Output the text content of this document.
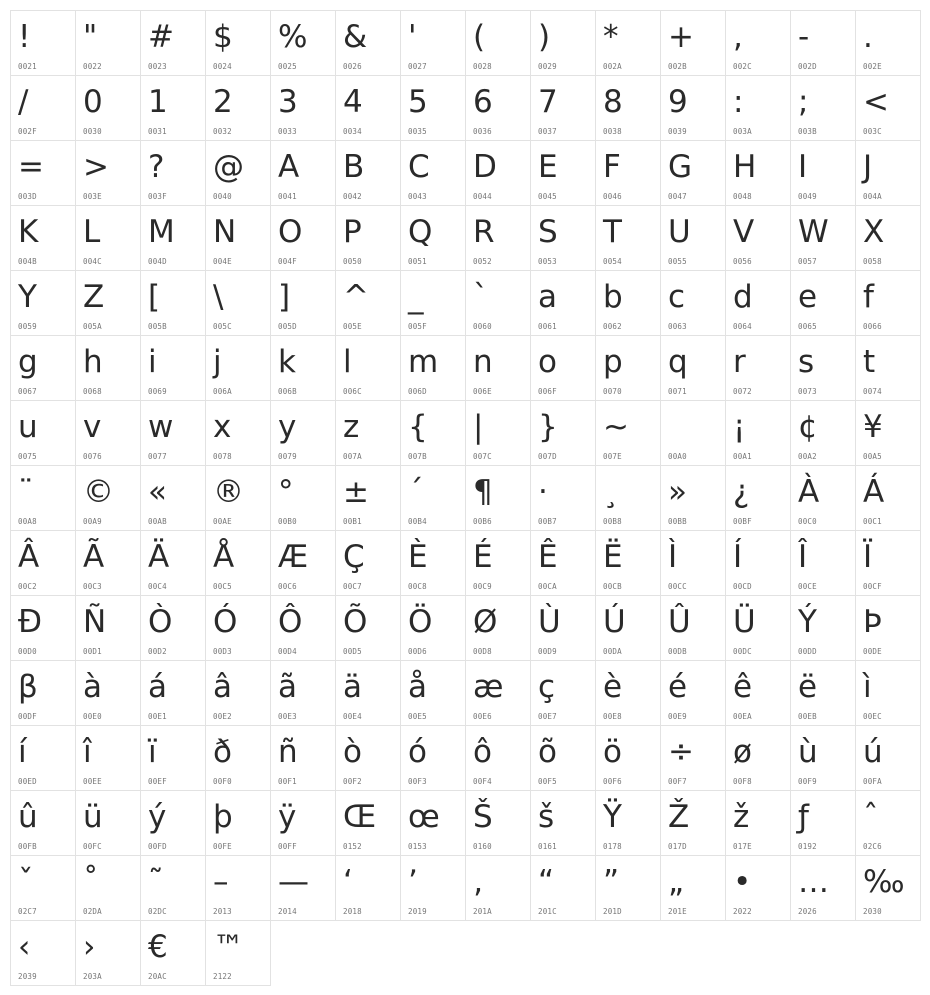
!
0021
"
0022
#
0023
$
0024
%
0025
&
0026
'
0027
(
0028
)
0029
*
002A
+
002B
,
002C
-
002D
.
002E
/
002F
0
0030
1
0031
2
0032
3
0033
4
0034
5
0035
6
0036
7
0037
8
0038
9
0039
:
003A
;
003B
<
003C
=
003D
>
003E
?
003F
@
0040
A
0041
B
0042
C
0043
D
0044
E
0045
F
0046
G
0047
H
0048
I
0049
J
004A
K
004B
L
004C
M
004D
N
004E
O
004F
P
0050
Q
0051
R
0052
S
0053
T
0054
U
0055
V
0056
W
0057
X
0058
Y
0059
Z
005A
[
005B
\
005C
]
005D
^
005E
_
005F
`
0060
a
0061
b
0062
c
0063
d
0064
e
0065
f
0066
g
0067
h
0068
i
0069
j
006A
k
006B
l
006C
m
006D
n
006E
o
006F
p
0070
q
0071
r
0072
s
0073
t
0074
u
0075
v
0076
w
0077
x
0078
y
0079
z
007A
{
007B
|
007C
}
007D
~
007E	00A0
¡
00A1
¢
00A2
¥
00A5
¨
00A8
©
00A9
«
00AB
®
00AE
°
00B0
±
00B1
´
00B4
¶
00B6
·
00B7
¸
00B8
»
00BB
¿
00BF
À
00C0
Á
00C1
Â
00C2
Ã
00C3
Ä
00C4
Å
00C5
Æ
00C6
Ç
00C7
È
00C8
É
00C9
Ê
00CA
Ë
00CB
Ì
00CC
Í
00CD
Î
00CE
Ï
00CF
Đ
00D0
Ñ
00D1
Ò
00D2
Ó
00D3
Ô
00D4
Õ
00D5
Ö
00D6
Ø
00D8
Ù
00D9
Ú
00DA
Û
00DB
Ü
00DC
Ý
00DD
Þ
00DE
β
00DF
à
00E0
á
00E1
â
00E2
ã
00E3
ä
00E4
å
00E5
æ
00E6
ç
00E7
è
00E8
é
00E9
ê
00EA
ë
00EB
ì
00EC
í
00ED
î
00EE
ï
00EF
ð
00F0
ñ
00F1
ò
00F2
ó
00F3
ô
00F4
õ
00F5
ö
00F6
÷
00F7
ø
00F8
ù
00F9
ú
00FA
û
00FB
ü
00FC
ý
00FD
þ
00FE
ÿ
00FF
Œ
0152
œ
0153
Š
0160
š
0161
Ÿ
0178
Ž
017D
ž
017E
ƒ
0192
ˆ
02C6
ˇ
02C7
˚
02DA
˜
02DC
–
2013
—
2014
‘
2018
’
2019
‚
201A
“
201C
”
201D
„
201E
•
2022
…
2026
‰
2030
‹
2039
›
203A
€
20AC
™
2122
